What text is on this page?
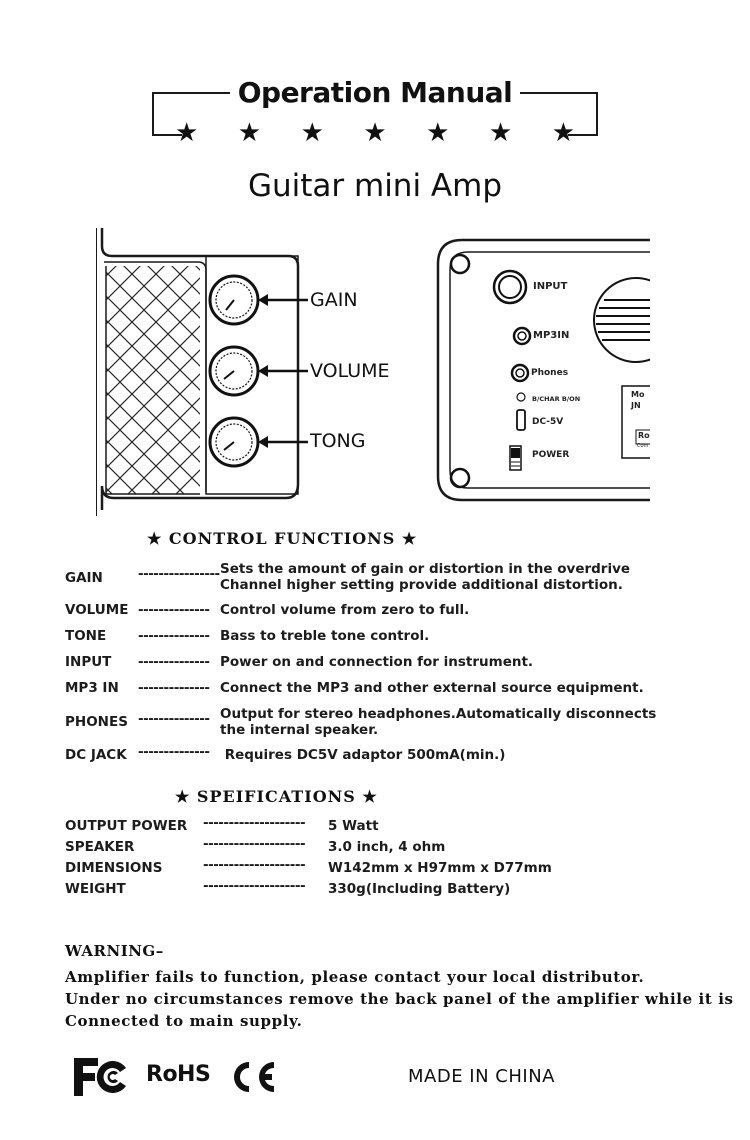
Operation Manual
★ ★ ★ ★ ★ ★ ★
Guitar mini Amp
GAIN
VOLUME
TONG
INPUT
MP3IN
Phones
B/CHAR B/ON
DC-5V
POWER
Mo
JN
Ro
Com
★ CONTROL FUNCTIONS ★
GAIN	---------------- Sets the amount of gain or distortion in the overdrive
Channel higher setting provide additional distortion.
VOLUME -------------- Control volume from zero to full.
TONE -------------- Bass to treble tone control.
INPUT -------------- Power on and connection for instrument.
MP3 IN -------------- Connect the MP3 and other external source equipment.
PHONES -------------- Output for stereo headphones.Automatically disconnects
the internal speaker.
DC JACK -------------- Requires DC5V adaptor 500mA(min.)
★ SPEIFICATIONS ★
OUTPUT POWER -------------------- 5 Watt
SPEAKER	-------------------- 3.0 inch, 4 ohm
DIMENSIONS	-------------------- W142mm x H97mm x D77mm
WEIGHT	-------------------- 330g(Including Battery)
WARNING–
Amplifier fails to function, please contact your local distributor.
Under no circumstances remove the back panel of the amplifier while it is
Connected to main supply.
RoHS	MADE IN CHINA
